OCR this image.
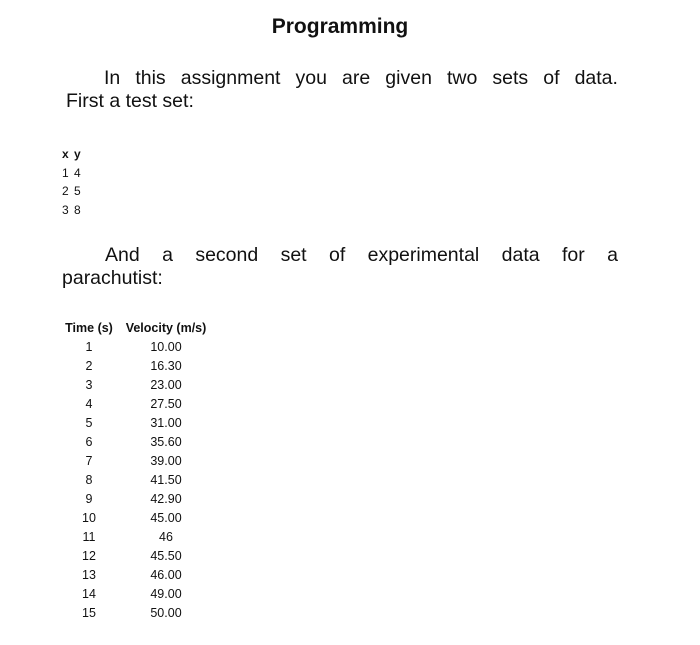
Programming
In this assignment you are given two sets of data.
First a test set:
x y
1 4
2 5
3 8
And a second set of experimental data for a
parachutist:
Time (s)	Velocity (m/s)
1	10.00
2	16.30
3	23.00
4	27.50
5	31.00
6	35.60
7	39.00
8	41.50
9	42.90
10	45.00
11	46
12	45.50
13	46.00
14	49.00
15	50.00
